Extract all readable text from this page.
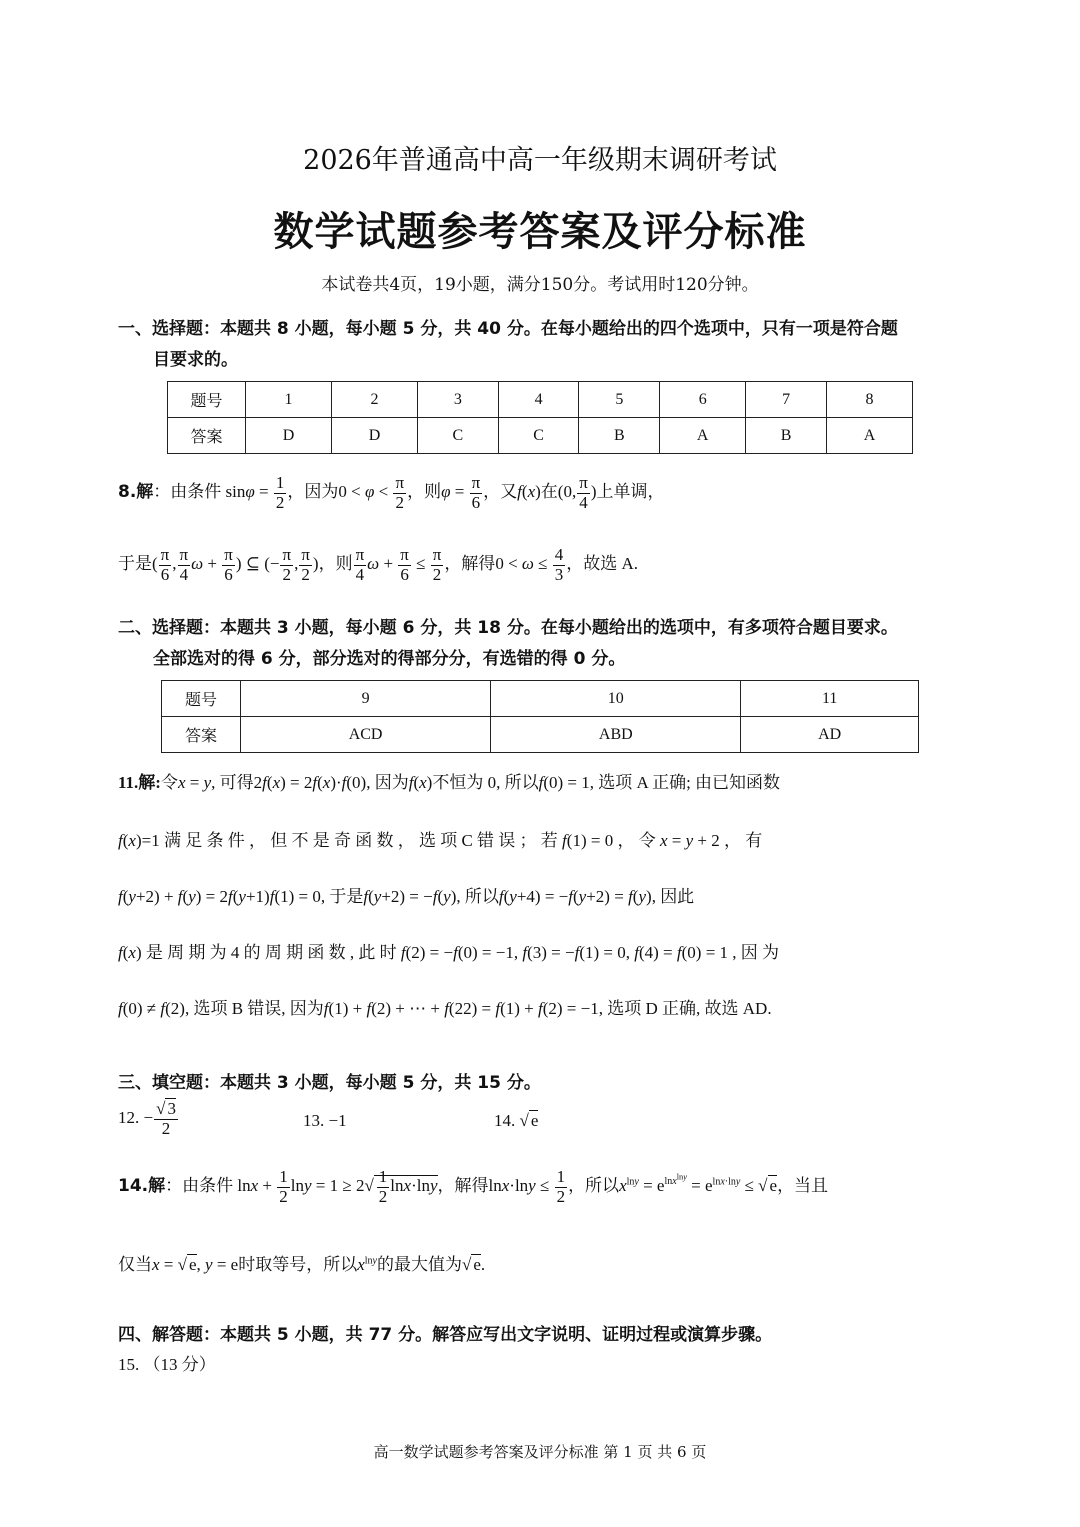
2026年普通高中高一年级期末调研考试
数学试题参考答案及评分标准
本试卷共4页，19小题，满分150分。考试用时120分钟。
一、选择题：本题共 8 小题，每小题 5 分，共 40 分。在每小题给出的四个选项中，只有一项是符合题
目要求的。
题号	1	2	3	4	5	6	7	8
答案	D	D	C	C	B	A	B	A
8.解：由条件 $\sin\varphi = \frac{1}{2}$ ，因为$0 < \varphi < \frac{\pi}{2}$ ，则$\varphi = \frac{\pi}{6}$ ，又f(x)在(0, $\frac{\pi}{4}$ )上单调，
于是( $\frac{\pi}{6}$ , $\frac{\pi}{4}$ $\omega + \frac{\pi}{6}$ ) ⊆ (− $\frac{\pi}{2}$ , $\frac{\pi}{2}$ )，则 $\frac{\pi}{4}$ $\omega + \frac{\pi}{6} \le \frac{\pi}{2}$ ，解得$0 < \omega \le \frac{4}{3}$ ，故选 A.
二、选择题：本题共 3 小题，每小题 6 分，共 18 分。在每小题给出的选项中，有多项符合题目要求。
全部选对的得 6 分，部分选对的得部分分，有选错的得 0 分。
题号	9	10	11
答案	ACD	ABD	AD
11.解:令x = y, 可得2f(x) = 2f(x)·f(0), 因为f(x)不恒为 0, 所以f(0) = 1, 选项 A 正确; 由已知函数
f(x)=1 满 足 条 件 ， 但 不 是 奇 函 数 ， 选 项 C 错 误 ； 若 f(1) = 0 ， 令 x = y + 2 ， 有
f(y+2) + f(y) = 2f(y+1)f(1) = 0, 于是f(y+2) = −f(y), 所以f(y+4) = −f(y+2) = f(y), 因此
f(x) 是 周 期 为 4 的 周 期 函 数 , 此 时 f(2) = −f(0) = −1, f(3) = −f(1) = 0, f(4) = f(0) = 1 , 因 为
f(0) ≠ f(2), 选项 B 错误, 因为f(1) + f(2) + ⋯ + f(22) = f(1) + f(2) = −1, 选项 D 正确, 故选 AD.
三、填空题：本题共 3 小题，每小题 5 分，共 15 分。
12. − $\frac{√ 3}{2}$	13. −1	14. √ e
14.解：由条件 $\ln x + \frac{1}{2}$ $\ln y = 1 \ge 2√ \frac{1}{2} \ln x\cdot\ln y$，解得$\ln x\cdot\ln y \le \frac{1}{2}$ ，所以$x^{lny} = e^{lnx^{lny}} = e^{lnx\cdot lny}$ ≤ √ e，当且
仅当x = √ e, y = e时取等号，所以$x^{lny}$的最大值为√ e.
四、解答题：本题共 5 小题，共 77 分。解答应写出文字说明、证明过程或演算步骤。
15. （13 分）
高一数学试题参考答案及评分标准 第 1 页 共 6 页
